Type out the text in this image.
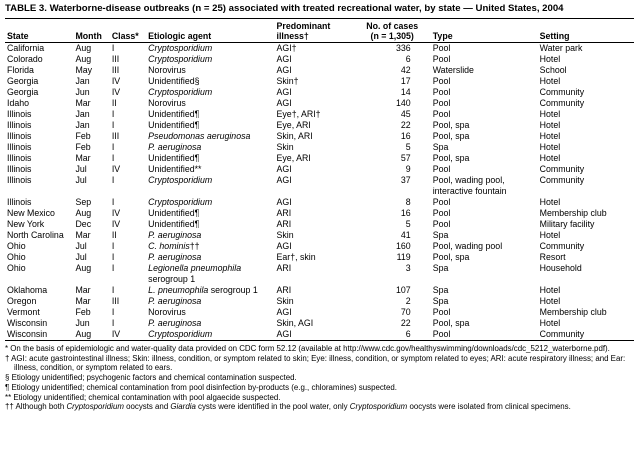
TABLE 3. Waterborne-disease outbreaks (n = 25) associated with treated recreational water, by state — United States, 2004
				Predominant	No. of cases		
State	Month	Class*	Etiologic agent	illness†	(n = 1,305)	Type	Setting
California	Aug	I	Cryptosporidium	AGI†	336	Pool	Water park
Colorado	Aug	III	Cryptosporidium	AGI	6	Pool	Hotel
Florida	May	III	Norovirus	AGI	42	Waterslide	School
Georgia	Jan	IV	Unidentified§	Skin†	17	Pool	Hotel
Georgia	Jun	IV	Cryptosporidium	AGI	14	Pool	Community
Idaho	Mar	II	Norovirus	AGI	140	Pool	Community
Illinois	Jan	I	Unidentified¶	Eye†, ARI†	45	Pool	Hotel
Illinois	Jan	I	Unidentified¶	Eye, ARI	22	Pool, spa	Hotel
Illinois	Feb	III	Pseudomonas aeruginosa	Skin, ARI	16	Pool, spa	Hotel
Illinois	Feb	I	P. aeruginosa	Skin	5	Spa	Hotel
Illinois	Mar	I	Unidentified¶	Eye, ARI	57	Pool, spa	Hotel
Illinois	Jul	IV	Unidentified**	AGI	9	Pool	Community
Illinois	Jul	I	Cryptosporidium	AGI	37	Pool, wading pool, interactive fountain	Community
Illinois	Sep	I	Cryptosporidium	AGI	8	Pool	Hotel
New Mexico	Aug	IV	Unidentified¶	ARI	16	Pool	Membership club
New York	Dec	IV	Unidentified¶	ARI	5	Pool	Military facility
North Carolina	Mar	II	P. aeruginosa	Skin	41	Spa	Hotel
Ohio	Jul	I	C. hominis††	AGI	160	Pool, wading pool	Community
Ohio	Jul	I	P. aeruginosa	Ear†, skin	119	Pool, spa	Resort
Ohio	Aug	I	Legionella pneumophila serogroup 1	ARI	3	Spa	Household
Oklahoma	Mar	I	L. pneumophila serogroup 1	ARI	107	Spa	Hotel
Oregon	Mar	III	P. aeruginosa	Skin	2	Spa	Hotel
Vermont	Feb	I	Norovirus	AGI	70	Pool	Membership club
Wisconsin	Jun	I	P. aeruginosa	Skin, AGI	22	Pool, spa	Hotel
Wisconsin	Aug	IV	Cryptosporidium	AGI	6	Pool	Community
* On the basis of epidemiologic and water-quality data provided on CDC form 52.12 (available at http://www.cdc.gov/healthyswimming/downloads/cdc_5212_waterborne.pdf).
† AGI: acute gastrointestinal illness; Skin: illness, condition, or symptom related to skin; Eye: illness, condition, or symptom related to eyes; ARI: acute respiratory illness; and Ear: illness, condition, or symptom related to ears.
§ Etiology unidentified; psychogenic factors and chemical contamination suspected.
¶ Etiology unidentified; chemical contamination from pool disinfection by-products (e.g., chloramines) suspected.
** Etiology unidentified; chemical contamination with pool algaecide suspected.
†† Although both Cryptosporidium oocysts and Giardia cysts were identified in the pool water, only Cryptosporidium oocysts were isolated from clinical specimens.
